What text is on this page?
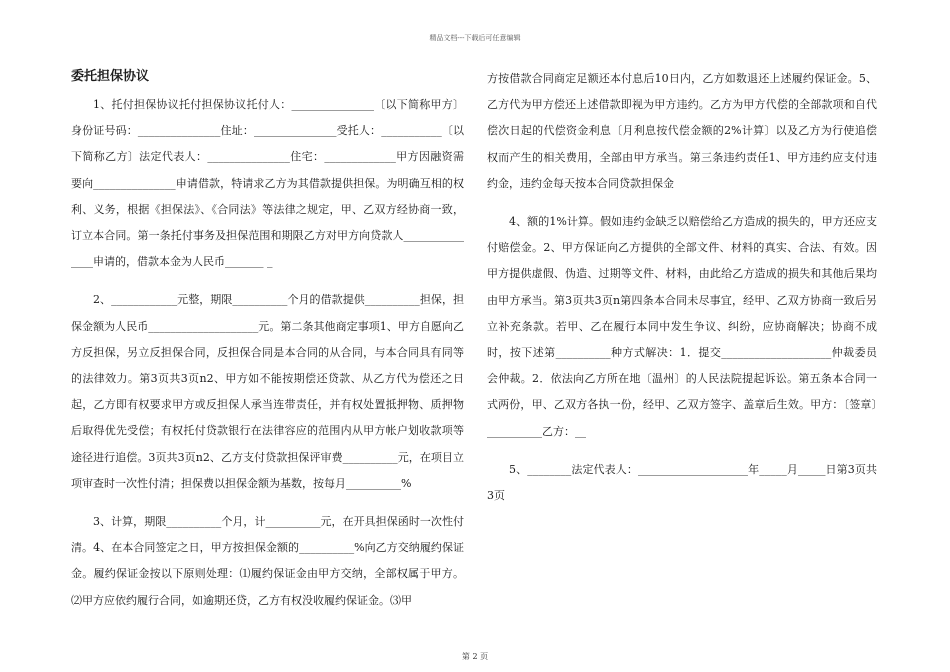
精品文档---下载后可任意编辑
委托担保协议

1、托付担保协议托付担保协议托付人：_______________〔以下简称甲方〕身份证号码：_______________住址：_______________受托人：___________〔以下简称乙方〕法定代表人：_______________住宅：_____________甲方因融资需要向_______________申请借款，特请求乙方为其借款提供担保。为明确互相的权利、义务，根据《担保法》、《合同法》等法律之规定，甲、乙双方经协商一致，订立本合同。第一条托付事务及担保范围和期限乙方对甲方向贷款人_______________申请的，借款本金为人民币_______ _

2、____________元整，期限__________个月的借款提供__________担保，担保金额为人民币____________________元。第二条其他商定事项1、甲方自愿向乙方反担保，另立反担保合同，反担保合同是本合同的从合同，与本合同具有同等的法律效力。第3页共3页n2、甲方如不能按期偿还贷款、从乙方代为偿还之日起，乙方即有权要求甲方或反担保人承当连带责任，并有权处置抵押物、质押物后取得优先受偿；有权托付贷款银行在法律容应的范围内从甲方帐户划收款项等途径进行追偿。3页共3页n2、乙方支付贷款担保评审费__________元，在项目立项审查时一次性付清；担保费以担保金额为基数，按每月__________%

3、计算，期限__________个月，计__________元，在开具担保函时一次性付清。4、在本合同签定之日，甲方按担保金额的__________%向乙方交纳履约保证金。履约保证金按以下原则处理：⑴履约保证金由甲方交纳，全部权属于甲方。⑵甲方应依约履行合同，如逾期还贷，乙方有权没收履约保证金。⑶甲

方按借款合同商定足额还本付息后10日内，乙方如数退还上述履约保证金。5、乙方代为甲方偿还上述借款即视为甲方违约。乙方为甲方代偿的全部款项和自代偿次日起的代偿资金利息〔月利息按代偿金额的2%计算〕以及乙方为行使追偿权而产生的相关费用，全部由甲方承当。第三条违约责任1、甲方违约应支付违约金，违约金每天按本合同贷款担保金

4、额的1%计算。假如违约金缺乏以赔偿给乙方造成的损失的，甲方还应支付赔偿金。2、甲方保证向乙方提供的全部文件、材料的真实、合法、有效。因甲方提供虚假、伪造、过期等文件、材料，由此给乙方造成的损失和其他后果均由甲方承当。第3页共3页n第四条本合同未尽事宜，经甲、乙双方协商一致后另立补充条款。若甲、乙在履行本同中发生争议、纠纷，应协商解决；协商不成时，按下述第__________种方式解决：1．提交____________________仲裁委员会仲裁。2．依法向乙方所在地〔温州〕的人民法院提起诉讼。第五条本合同一式两份，甲、乙双方各执一份，经甲、乙双方签字、盖章后生效。甲方：〔签章〕__________乙方：__

5、________法定代表人：____________________年_____月_____日第3页共3页

第 2 页
